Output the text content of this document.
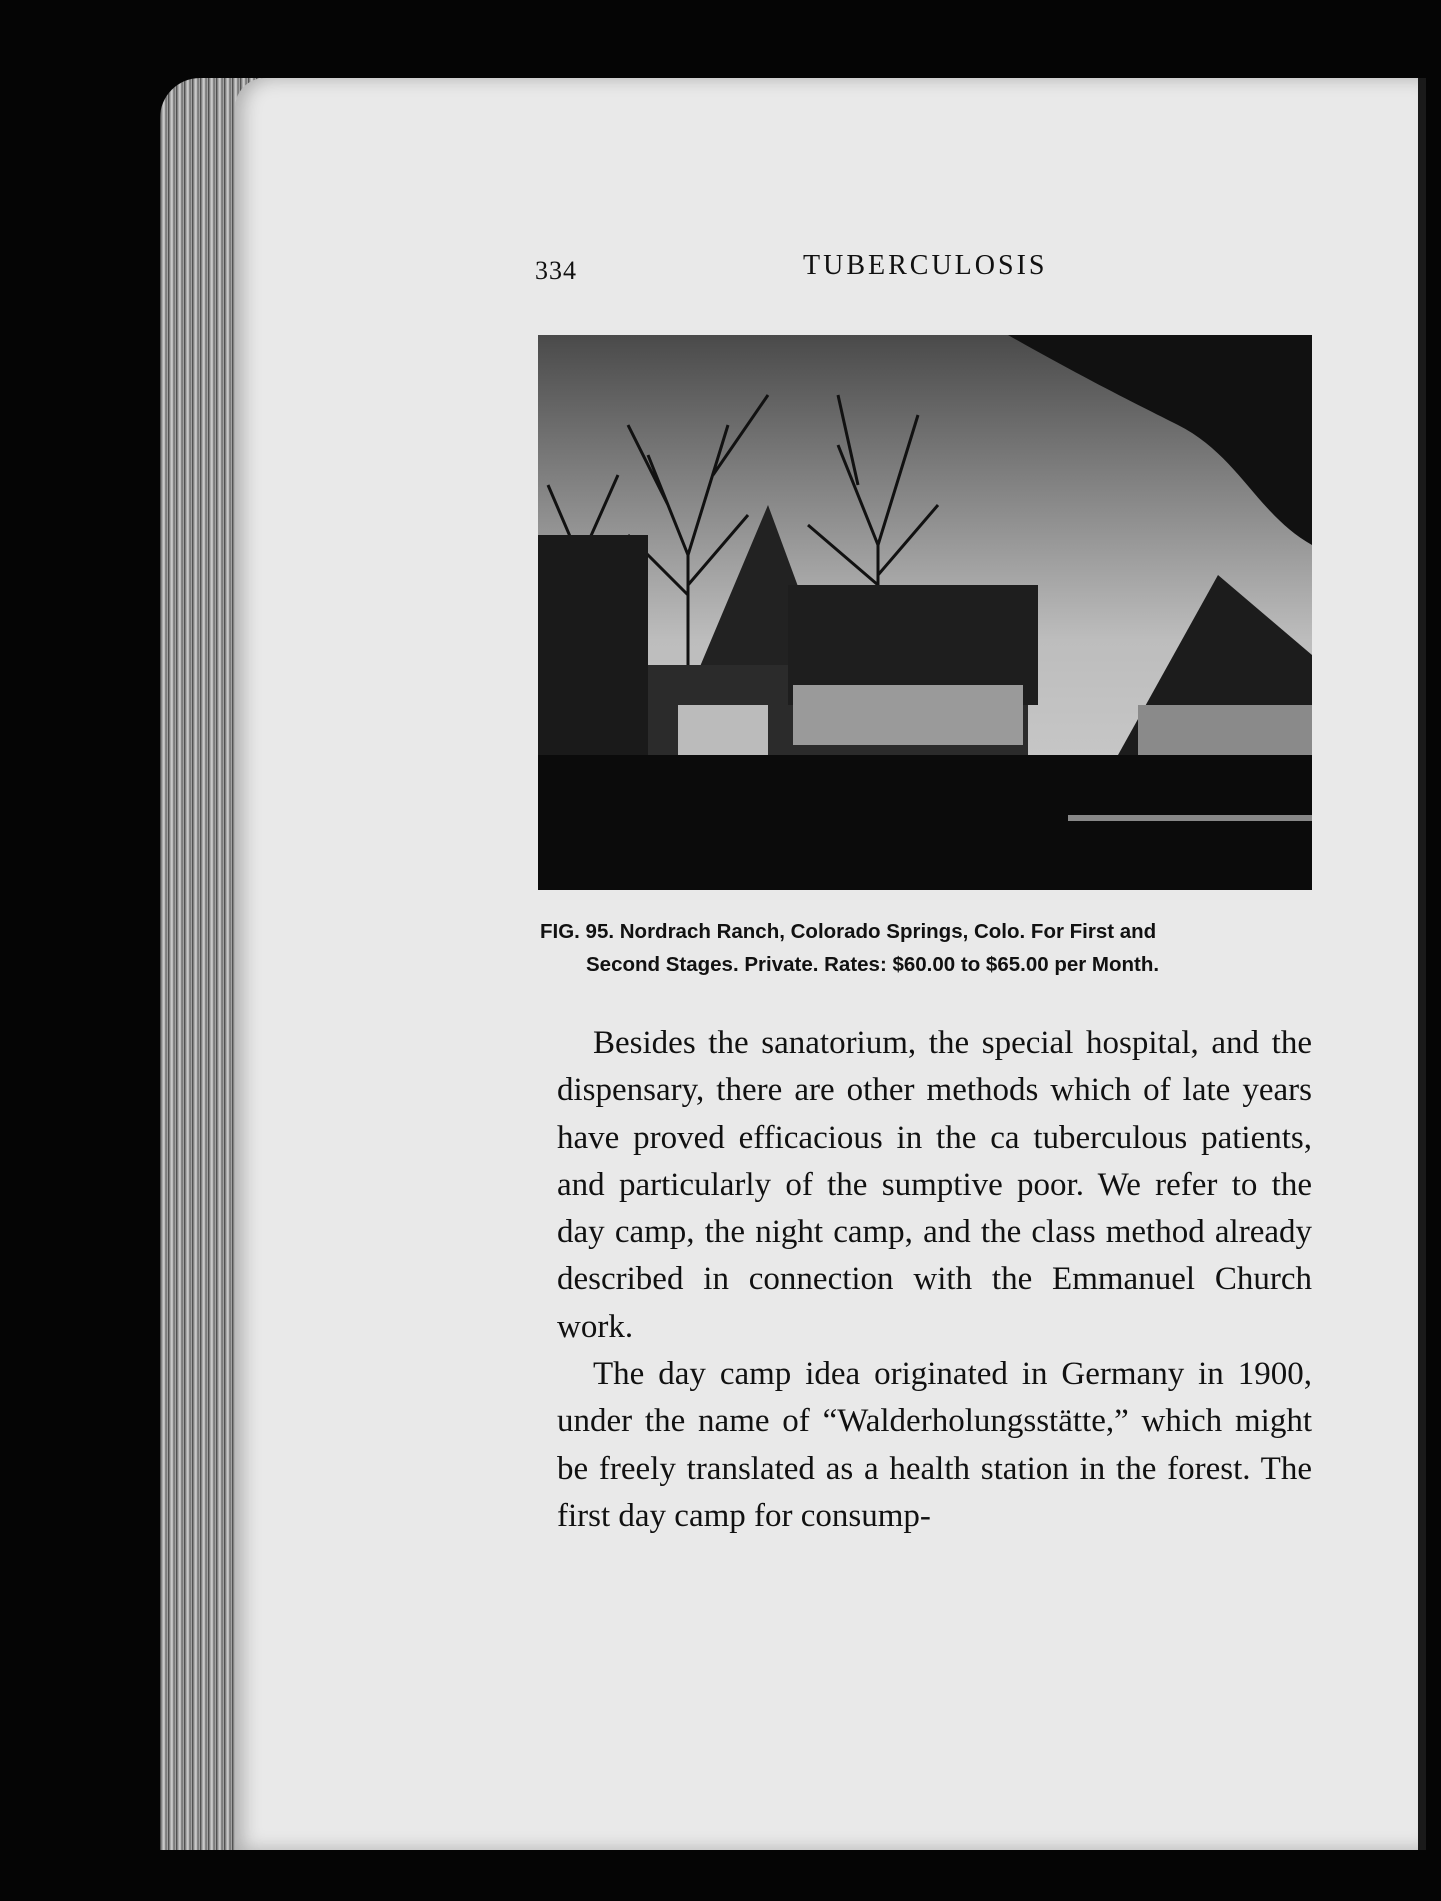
334	TUBERCULOSIS
FIG. 95. Nordrach Ranch, Colorado Springs, Colo. For First and
Second Stages. Private. Rates: $60.00 to $65.00 per Month.

Besides the sanatorium, the special hospital, and the dispensary, there are other methods which of late years have proved efficacious in the ca tuberculous patients, and particularly of the sumptive poor. We refer to the day camp, the night camp, and the class method already described in connection with the Emmanuel Church work.

The day camp idea originated in Germany in 1900, under the name of “Walderholungsstätte,” which might be freely translated as a health station in the forest. The first day camp for consump-
